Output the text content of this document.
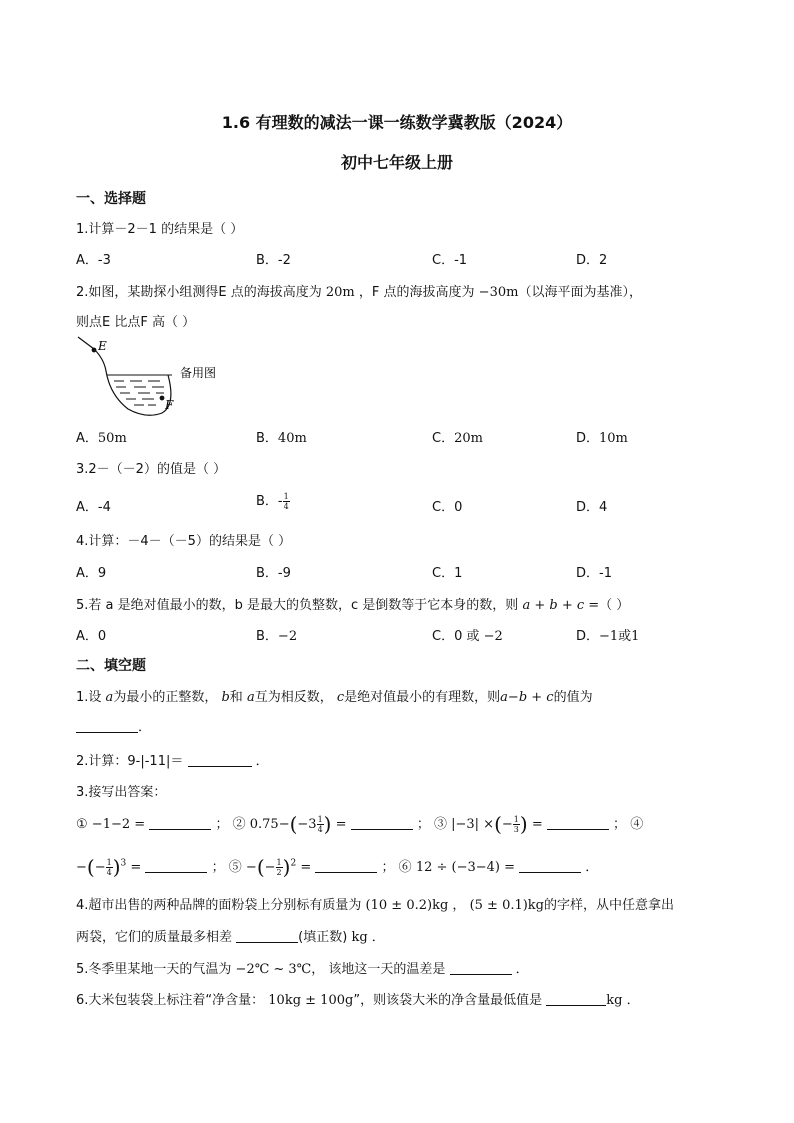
1.6 有理数的减法一课一练数学冀教版（2024）
初中七年级上册
一、选择题
1.计算－2－1 的结果是（ ）
A．-3	B．-2	C．-1	D．2
2.如图，某勘探小组测得E 点的海拔高度为 20m ，F 点的海拔高度为 −30m（以海平面为基准），
则点E 比点F 高（ ）
E
F
备用图
A．50m	B．40m	C．20m	D．10m
3.2－（－2）的值是（ ）
A．-4	B．- $\frac{1}{4}$	C．0	D．4
4.计算：－4－（－5）的结果是（ ）
A．9	B．-9	C．1	D．-1
5.若 a 是绝对值最小的数，b 是最大的负整数，c 是倒数等于它本身的数，则 a + b + c =（ ）
A．0	B．−2	C．0 或 −2	D．−1或1
二、填空题
1.设 a为最小的正整数， b和 a互为相反数， c是绝对值最小的有理数，则a−b + c的值为
．
2.计算：9-|-11|＝	．
3.接写出答案：
① −1−2 =	； ② $0.75-(-3 \frac{1}{4}$ ) =	； ③ |−3| ×(− $\frac{1}{3}$ ) =	； ④
−(− $\frac{1}{4} )^3$ =	； ⑤ −(− $\frac{1}{2} )^2$ =	； ⑥ 12 ÷ (−3−4) =	．
4.超市出售的两种品牌的面粉袋上分别标有质量为 (10 ± 0.2)kg ， (5 ± 0.1)kg的字样，从中任意拿出
两袋，它们的质量最多相差	(填正数) kg ．
5.冬季里某地一天的气温为 −2℃ ~ 3℃， 该地这一天的温差是	．
6.大米包装袋上标注着“净含量： 10kg ± 100g”，则该袋大米的净含量最低值是	kg ．
